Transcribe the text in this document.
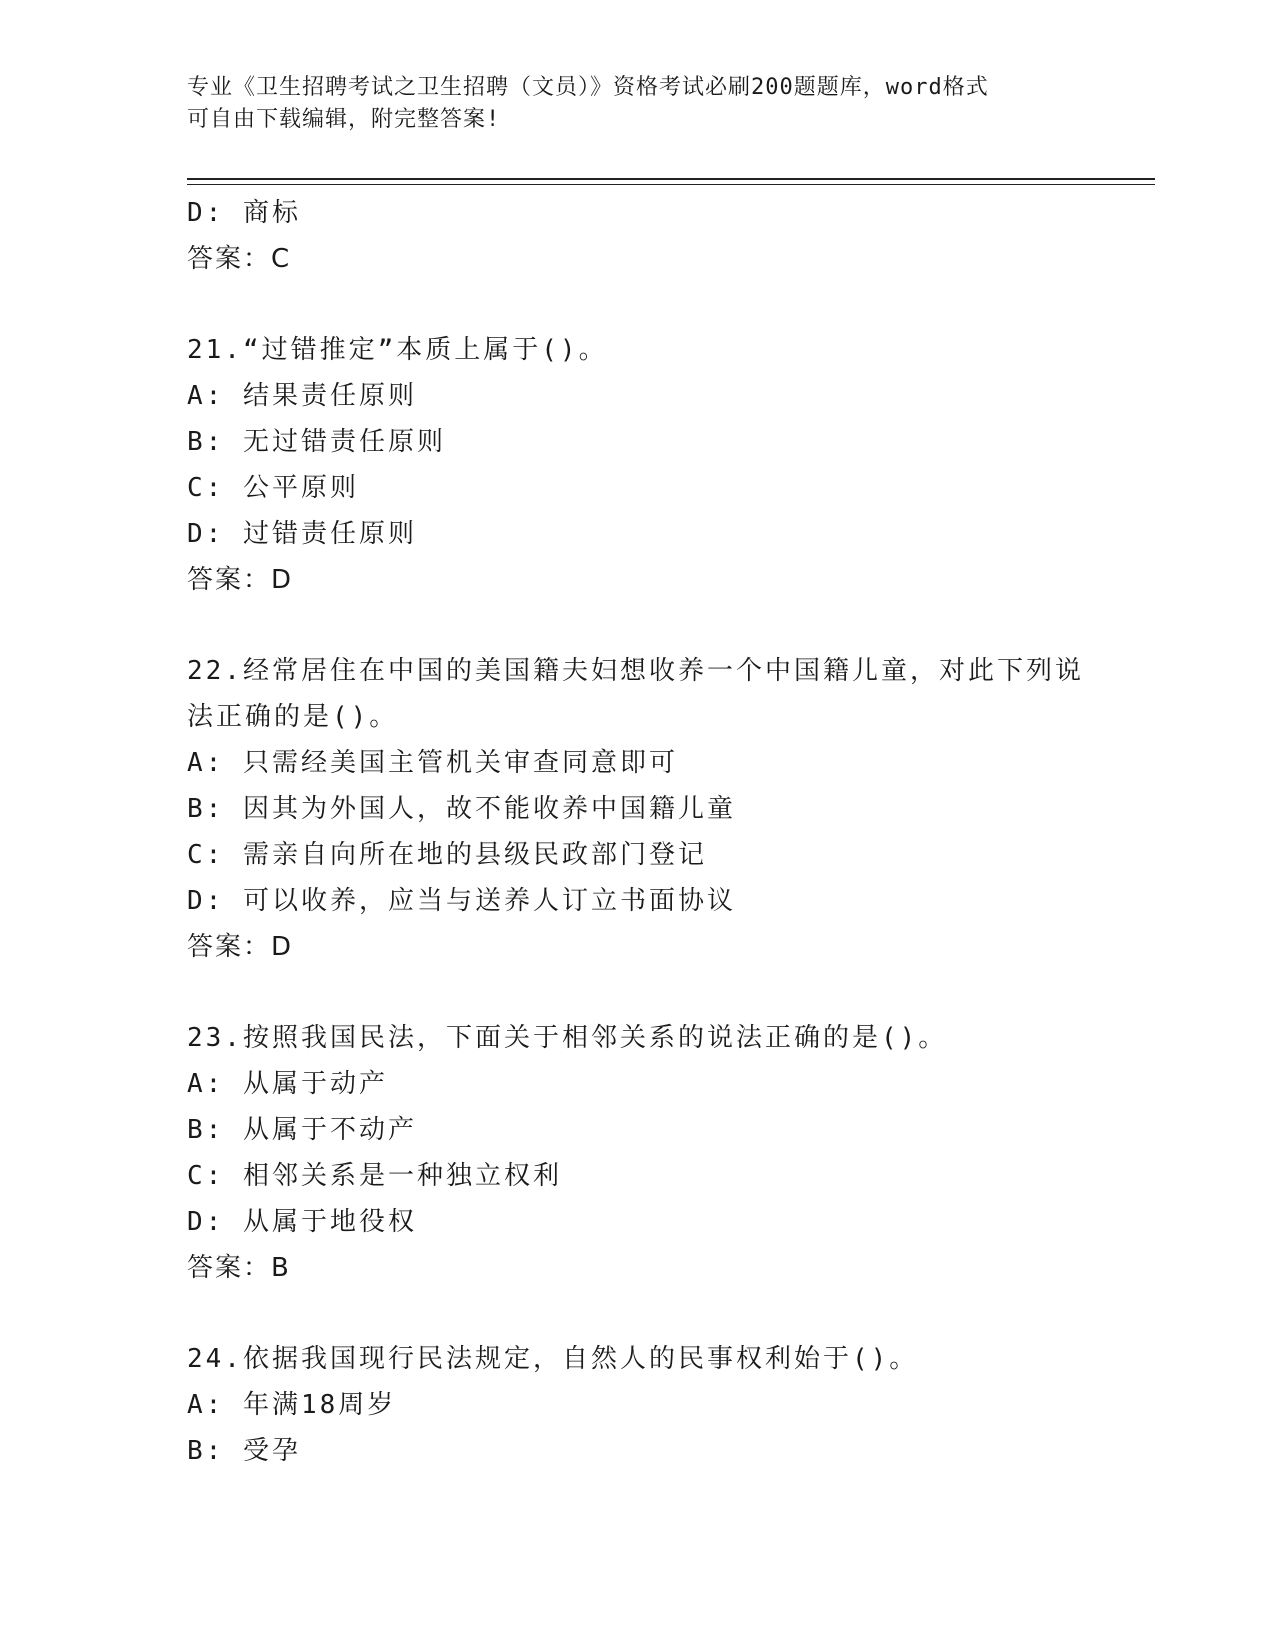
专业《卫生招聘考试之卫生招聘（文员）》资格考试必刷200题题库，word格式
可自由下载编辑，附完整答案!
D: 商标
答案：C
21.“过错推定”本质上属于()。
A: 结果责任原则
B: 无过错责任原则
C: 公平原则
D: 过错责任原则
答案：D
22.经常居住在中国的美国籍夫妇想收养一个中国籍儿童，对此下列说
法正确的是()。
A: 只需经美国主管机关审查同意即可
B: 因其为外国人，故不能收养中国籍儿童
C: 需亲自向所在地的县级民政部门登记
D: 可以收养，应当与送养人订立书面协议
答案：D
23.按照我国民法，下面关于相邻关系的说法正确的是()。
A: 从属于动产
B: 从属于不动产
C: 相邻关系是一种独立权利
D: 从属于地役权
答案：B
24.依据我国现行民法规定，自然人的民事权利始于()。
A: 年满18周岁
B: 受孕
